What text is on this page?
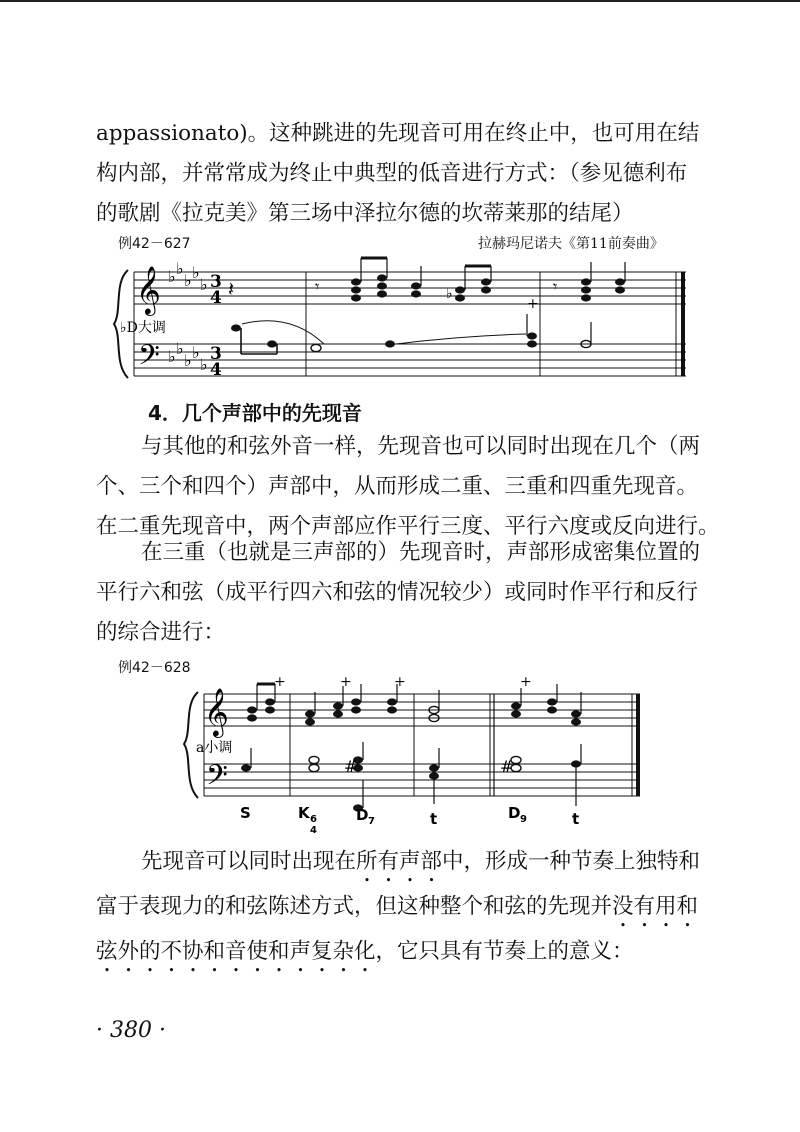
appassionato)。这种跳进的先现音可用在终止中，也可用在结
构内部，并常常成为终止中典型的低音进行方式：（参见德利布
的歌剧《拉克美》第三场中泽拉尔德的坎蒂莱那的结尾）
例42－627	拉赫玛尼诺夫《第11前奏曲》
𝄞
𝄢
♭ ♭
♭ ♭
♭
♭ ♭
♭ ♭
♭
3
4
3
4
𝄽	𝄾	𝄾
♭
+
♭D大调
4．几个声部中的先现音
与其他的和弦外音一样，先现音也可以同时出现在几个（两
个、三个和四个）声部中，从而形成二重、三重和四重先现音。
在二重先现音中，两个声部应作平行三度、平行六度或反向进行。
在三重（也就是三声部的）先现音时，声部形成密集位置的
平行六和弦（成平行四六和弦的情况较少）或同时作平行和反行
的综合进行：
例42－628
𝄞
𝄢
+	+	+	+
#	#
a小调
S	K 6
4
D 7	t	D 9	t
先现音可以同时出现在所有声部中，形成一种节奏上独特和
富于表现力的和弦陈述方式，但这种整个和弦的先现并没有用和
弦外的不协和音使和声复杂化，它只具有节奏上的意义：
· 380 ·
